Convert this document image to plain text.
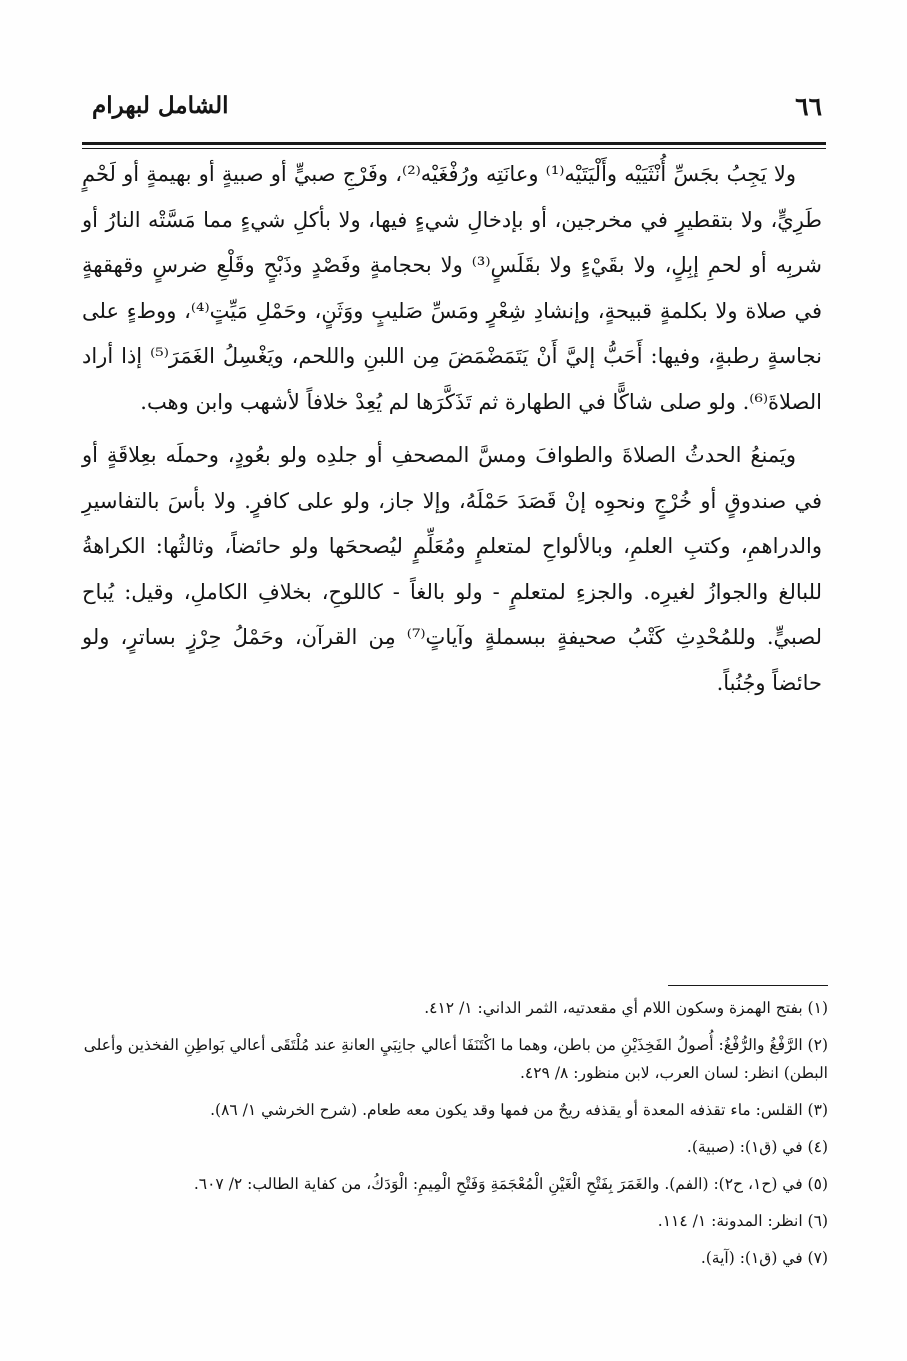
٦٦
الشامل لبهرام

ولا يَجِبُ بجَسِّ أُنْثَيَيْه وأَلْيَتَيْه⁽¹⁾ وعانَتِه ورُفْغَيْه⁽²⁾، وفَرْجِ صبيٍّ أو صبيةٍ أو بهيمةٍ أو لَحْمٍ طَرِيٍّ، ولا بتقطيرٍ في مخرجين، أو بإدخالِ شيءٍ فيها، ولا بأكلِ شيءٍ مما مَسَّتْه النارُ أو شربِه أو لحمِ إبِلٍ، ولا بقَيْءٍ ولا بقَلَسٍ⁽³⁾ ولا بحجامةٍ وفَصْدٍ وذَبْحٍ وقَلْعِ ضرسٍ وقهقهةٍ في صلاة ولا بكلمةٍ قبيحةٍ، وإنشادِ شِعْرٍ ومَسِّ صَليبٍ ووَثَنٍ، وحَمْلِ مَيِّتٍ⁽⁴⁾، ووطءٍ على نجاسةٍ رطبةٍ، وفيها: أَحَبُّ إليَّ أَنْ يَتَمَضْمَضَ مِن اللبنِ واللحم، ويَغْسِلُ الغَمَرَ⁽⁵⁾ إذا أراد الصلاةَ⁽⁶⁾. ولو صلى شاكًّا في الطهارة ثم تَذَكَّرَها لم يُعِدْ خلافاً لأشهب وابن وهب.

ويَمنعُ الحدثُ الصلاةَ والطوافَ ومسَّ المصحفِ أو جلدِه ولو بعُودٍ، وحملَه بعِلاقَةٍ أو في صندوقٍ أو خُرْجٍ ونحوِه إنْ قَصَدَ حَمْلَهُ، وإلا جاز، ولو على كافرٍ. ولا بأسَ بالتفاسيرِ والدراهمِ، وكتبِ العلمِ، وبالألواحِ لمتعلمٍ ومُعَلِّمٍ ليُصححَها ولو حائضاً، وثالثُها: الكراهةُ للبالغ والجوازُ لغيرِه. والجزءِ لمتعلمٍ - ولو بالغاً - كاللوحِ، بخلافِ الكاملِ، وقيل: يُباح لصبيٍّ. وللمُحْدِثِ كَتْبُ صحيفةٍ ببسملةٍ وآياتٍ⁽⁷⁾ مِن القرآن، وحَمْلُ حِرْزٍ بساترٍ، ولو حائضاً وجُنُباً.

(١) بفتح الهمزة وسكون اللام أي مقعدتيه، الثمر الداني: ١/ ٤١٢.

(٢) الرَّفْغُ والرُّفْغُ: أُصولُ الفَخِذَيْنِ من باطن، وهما ما اكْتَنَفَا أعالي جانِبَيِ العانةِ عند مُلْتَقَى أعالي بَواطِنِ الفخذين وأعلى البطن) انظر: لسان العرب، لابن منظور: ٨/ ٤٢٩.

(٣) القلس: ماء تقذفه المعدة أو يقذفه ريحٌ من فمها وقد يكون معه طعام. (شرح الخرشي ١/ ٨٦).

(٤) في (ق١): (صبية).

(٥) في (ح١، ح٢): (الفم). والغَمَرَ بِفَتْحِ الْغَيْنِ الْمُعْجَمَةِ وَفَتْحِ الْمِيمِ: الْوَدَكُ، من كفاية الطالب: ٢/ ٦٠٧.

(٦) انظر: المدونة: ١/ ١١٤.

(٧) في (ق١): (آية).
